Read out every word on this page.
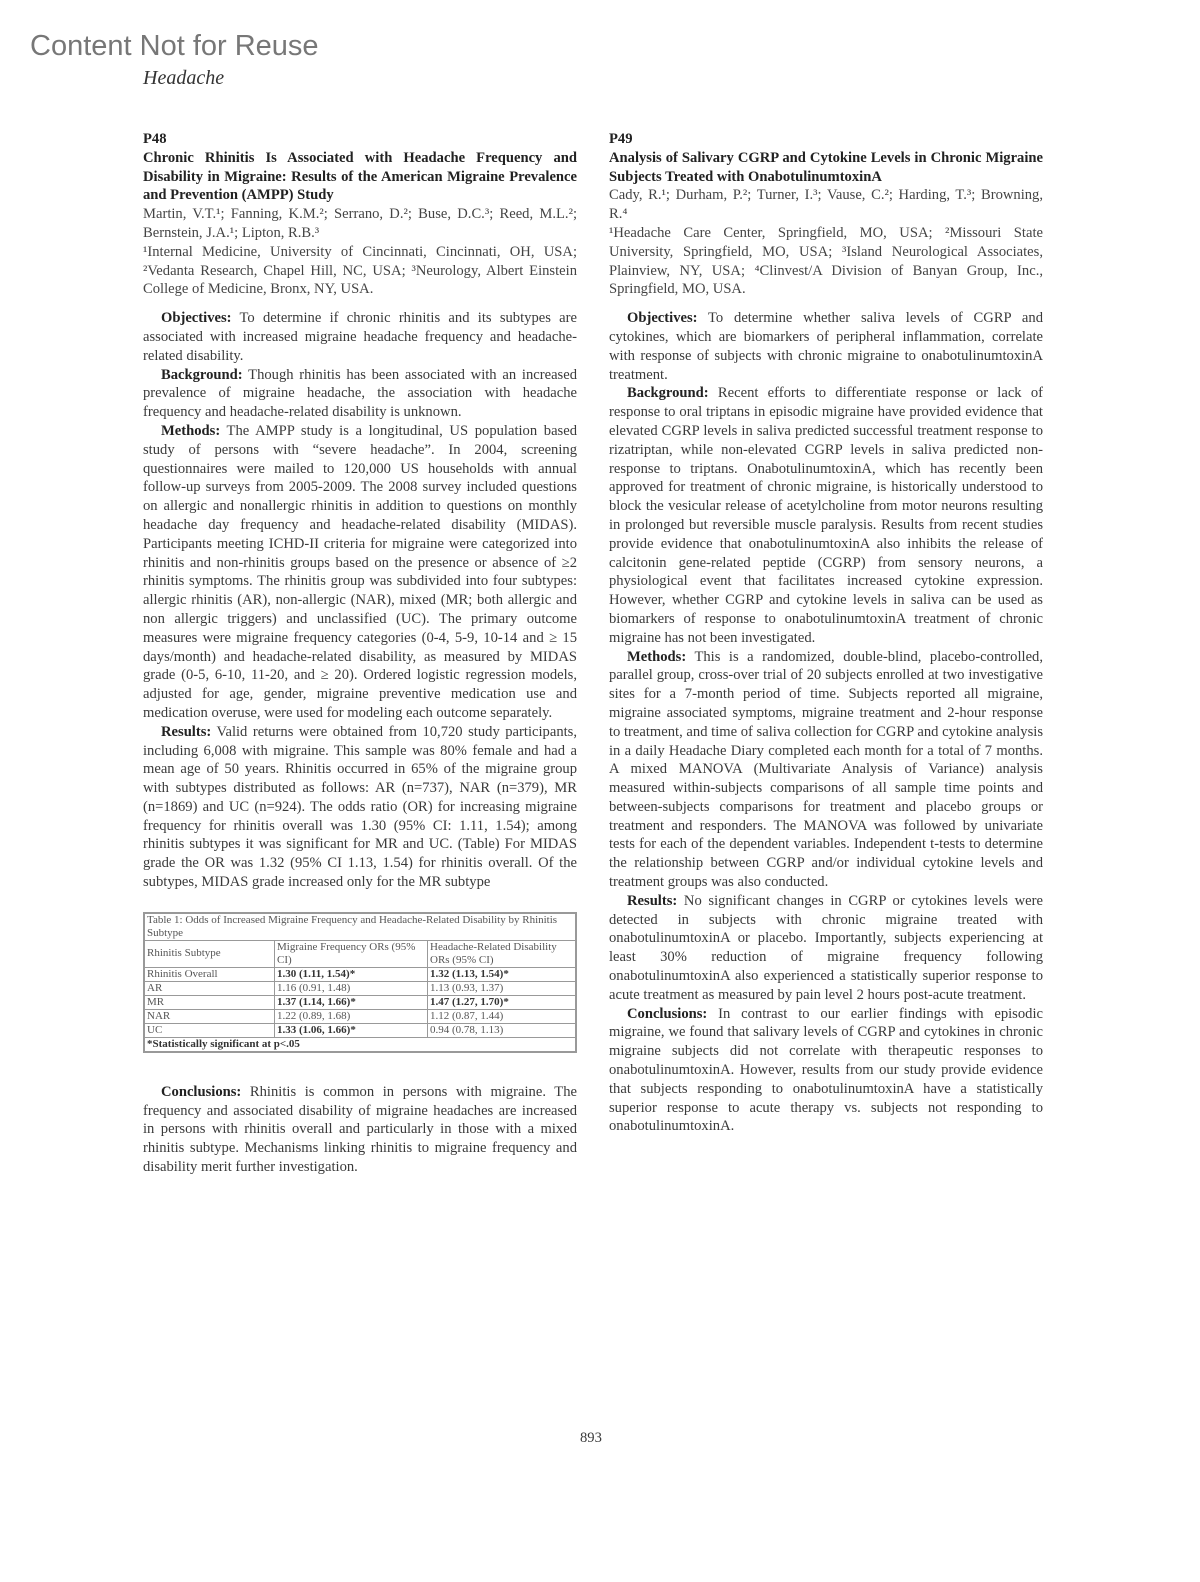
Content Not for Reuse
Headache
P48
Chronic Rhinitis Is Associated with Headache Frequency and Disability in Migraine: Results of the American Migraine Prevalence and Prevention (AMPP) Study
Martin, V.T.¹; Fanning, K.M.²; Serrano, D.²; Buse, D.C.³; Reed, M.L.²; Bernstein, J.A.¹; Lipton, R.B.³
¹Internal Medicine, University of Cincinnati, Cincinnati, OH, USA; ²Vedanta Research, Chapel Hill, NC, USA; ³Neurology, Albert Einstein College of Medicine, Bronx, NY, USA.

Objectives: To determine if chronic rhinitis and its subtypes are associated with increased migraine headache frequency and headache-related disability.

Background: Though rhinitis has been associated with an increased prevalence of migraine headache, the association with headache frequency and headache-related disability is unknown.

Methods: The AMPP study is a longitudinal, US population based study of persons with “severe headache”. In 2004, screening questionnaires were mailed to 120,000 US households with annual follow-up surveys from 2005-2009. The 2008 survey included questions on allergic and nonallergic rhinitis in addition to questions on monthly headache day frequency and headache-related disability (MIDAS). Participants meeting ICHD-II criteria for migraine were categorized into rhinitis and non-rhinitis groups based on the presence or absence of ≥2 rhinitis symptoms. The rhinitis group was subdivided into four subtypes: allergic rhinitis (AR), non-allergic (NAR), mixed (MR; both allergic and non allergic triggers) and unclassified (UC). The primary outcome measures were migraine frequency categories (0-4, 5-9, 10-14 and ≥ 15 days/month) and headache-related disability, as measured by MIDAS grade (0-5, 6-10, 11-20, and ≥ 20). Ordered logistic regression models, adjusted for age, gender, migraine preventive medication use and medication overuse, were used for modeling each outcome separately.

Results: Valid returns were obtained from 10,720 study participants, including 6,008 with migraine. This sample was 80% female and had a mean age of 50 years. Rhinitis occurred in 65% of the migraine group with subtypes distributed as follows: AR (n=737), NAR (n=379), MR (n=1869) and UC (n=924). The odds ratio (OR) for increasing migraine frequency for rhinitis overall was 1.30 (95% CI: 1.11, 1.54); among rhinitis subtypes it was significant for MR and UC. (Table) For MIDAS grade the OR was 1.32 (95% CI 1.13, 1.54) for rhinitis overall. Of the subtypes, MIDAS grade increased only for the MR subtype

Table 1: Odds of Increased Migraine Frequency and Headache-Related Disability by Rhinitis Subtype		
Rhinitis Subtype	Migraine Frequency ORs (95% CI)	Headache-Related Disability ORs (95% CI)
Rhinitis Overall	1.30 (1.11, 1.54)*	1.32 (1.13, 1.54)*
AR	1.16 (0.91, 1.48)	1.13 (0.93, 1.37)
MR	1.37 (1.14, 1.66)*	1.47 (1.27, 1.70)*
NAR	1.22 (0.89, 1.68)	1.12 (0.87, 1.44)
UC	1.33 (1.06, 1.66)*	0.94 (0.78, 1.13)
*Statistically significant at p<.05		

Conclusions: Rhinitis is common in persons with migraine. The frequency and associated disability of migraine headaches are increased in persons with rhinitis overall and particularly in those with a mixed rhinitis subtype. Mechanisms linking rhinitis to migraine frequency and disability merit further investigation.

P49
Analysis of Salivary CGRP and Cytokine Levels in Chronic Migraine Subjects Treated with OnabotulinumtoxinA
Cady, R.¹; Durham, P.²; Turner, I.³; Vause, C.²; Harding, T.³; Browning, R.⁴
¹Headache Care Center, Springfield, MO, USA; ²Missouri State University, Springfield, MO, USA; ³Island Neurological Associates, Plainview, NY, USA; ⁴Clinvest/A Division of Banyan Group, Inc., Springfield, MO, USA.

Objectives: To determine whether saliva levels of CGRP and cytokines, which are biomarkers of peripheral inflammation, correlate with response of subjects with chronic migraine to onabotulinumtoxinA treatment.

Background: Recent efforts to differentiate response or lack of response to oral triptans in episodic migraine have provided evidence that elevated CGRP levels in saliva predicted successful treatment response to rizatriptan, while non-elevated CGRP levels in saliva predicted non-response to triptans. OnabotulinumtoxinA, which has recently been approved for treatment of chronic migraine, is historically understood to block the vesicular release of acetylcholine from motor neurons resulting in prolonged but reversible muscle paralysis. Results from recent studies provide evidence that onabotulinumtoxinA also inhibits the release of calcitonin gene-related peptide (CGRP) from sensory neurons, a physiological event that facilitates increased cytokine expression. However, whether CGRP and cytokine levels in saliva can be used as biomarkers of response to onabotulinumtoxinA treatment of chronic migraine has not been investigated.

Methods: This is a randomized, double-blind, placebo-controlled, parallel group, cross-over trial of 20 subjects enrolled at two investigative sites for a 7-month period of time. Subjects reported all migraine, migraine associated symptoms, migraine treatment and 2-hour response to treatment, and time of saliva collection for CGRP and cytokine analysis in a daily Headache Diary completed each month for a total of 7 months. A mixed MANOVA (Multivariate Analysis of Variance) analysis measured within-subjects comparisons of all sample time points and between-subjects comparisons for treatment and placebo groups or treatment and responders. The MANOVA was followed by univariate tests for each of the dependent variables. Independent t-tests to determine the relationship between CGRP and/or individual cytokine levels and treatment groups was also conducted.

Results: No significant changes in CGRP or cytokines levels were detected in subjects with chronic migraine treated with onabotulinumtoxinA or placebo. Importantly, subjects experiencing at least 30% reduction of migraine frequency following onabotulinumtoxinA also experienced a statistically superior response to acute treatment as measured by pain level 2 hours post-acute treatment.

Conclusions: In contrast to our earlier findings with episodic migraine, we found that salivary levels of CGRP and cytokines in chronic migraine subjects did not correlate with therapeutic responses to onabotulinumtoxinA. However, results from our study provide evidence that subjects responding to onabotulinumtoxinA have a statistically superior response to acute therapy vs. subjects not responding to onabotulinumtoxinA.

893
